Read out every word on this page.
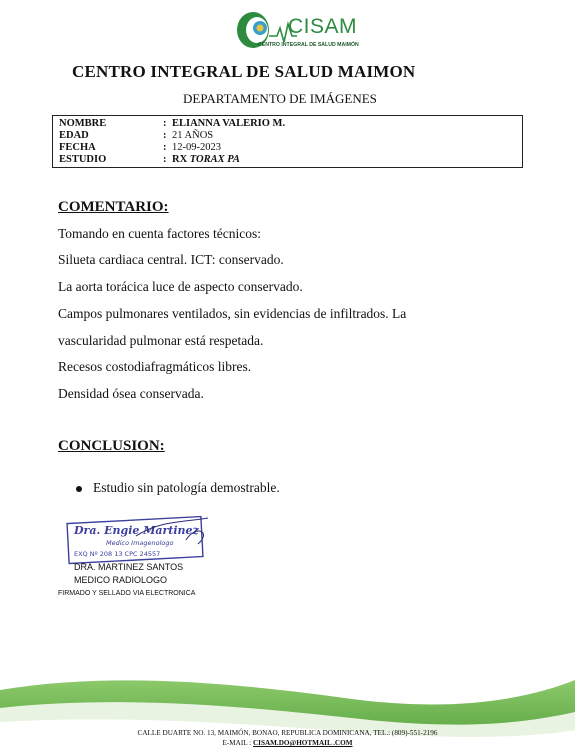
CISAM
CENTRO INTEGRAL DE SALUD MAIMÓN
CENTRO INTEGRAL DE SALUD MAIMON
DEPARTAMENTO DE IMÁGENES
NOMBRE	: ELIANNA VALERIO M.
EDAD	: 21 AÑOS
FECHA	: 12-09-2023
ESTUDIO	: RX TORAX PA
COMENTARIO:
Tomando en cuenta factores técnicos:
Silueta cardiaca central. ICT: conservado.
La aorta torácica luce de aspecto conservado.
Campos pulmonares ventilados, sin evidencias de infiltrados. La
vascularidad pulmonar está respetada.
Recesos costodiafragmáticos libres.
Densidad ósea conservada.
CONCLUSION:
Estudio sin patología demostrable.
Dra. Engie Martinez
Medico Imagenologo
EXQ Nº 208 13 CPC 24557
DRA. MARTINEZ SANTOS
MEDICO RADIOLOGO
FIRMADO Y SELLADO VIA ELECTRONICA
CALLE DUARTE NO. 13, MAIMÓN, BONAO, REPUBLICA DOMINICANA, TEL.: (809)-551-2196
E-MAIL : CISAM.DO@HOTMAIL .COM
